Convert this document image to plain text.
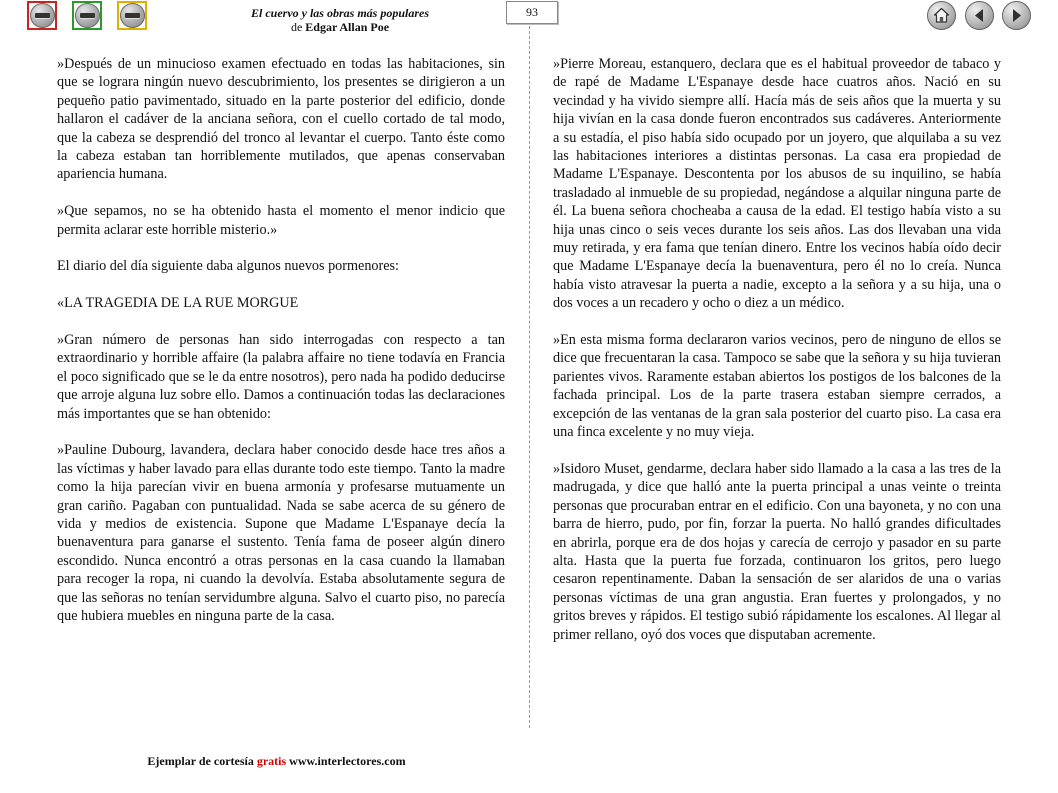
El cuervo y las obras más populares
de Edgar Allan Poe
93

»Después de un minucioso examen efectuado en todas las habitaciones, sin que se lograra ningún nuevo descubrimiento, los presentes se dirigieron a un pequeño patio pavimentado, situado en la parte posterior del edificio, donde hallaron el cadáver de la anciana señora, con el cuello cortado de tal modo, que la cabeza se desprendió del tronco al levantar el cuerpo. Tanto éste como la cabeza estaban tan horriblemente mutilados, que apenas conservaban apariencia humana.

»Que sepamos, no se ha obtenido hasta el momento el menor indicio que permita aclarar este horrible misterio.»

El diario del día siguiente daba algunos nuevos pormenores:

«LA TRAGEDIA DE LA RUE MORGUE

»Gran número de personas han sido interrogadas con respecto a tan extraordinario y horrible affaire (la palabra affaire no tiene todavía en Francia el poco significado que se le da entre nosotros), pero nada ha podido deducirse que arroje alguna luz sobre ello. Damos a continuación todas las declaraciones más importantes que se han obtenido:

»Pauline Dubourg, lavandera, declara haber conocido desde hace tres años a las víctimas y haber lavado para ellas durante todo este tiempo. Tanto la madre como la hija parecían vivir en buena armonía y profesarse mutuamente un gran cariño. Pagaban con puntualidad. Nada se sabe acerca de su género de vida y medios de existencia. Supone que Madame L'Espanaye decía la buenaventura para ganarse el sustento. Tenía fama de poseer algún dinero escondido. Nunca encontró a otras personas en la casa cuando la llamaban para recoger la ropa, ni cuando la devolvía. Estaba absolutamente segura de que las señoras no tenían servidumbre alguna. Salvo el cuarto piso, no parecía que hubiera muebles en ninguna parte de la casa.

»Pierre Moreau, estanquero, declara que es el habitual proveedor de tabaco y de rapé de Madame L'Espanaye desde hace cuatros años. Nació en su vecindad y ha vivido siempre allí. Hacía más de seis años que la muerta y su hija vivían en la casa donde fueron encontrados sus cadáveres. Anteriormente a su estadía, el piso había sido ocupado por un joyero, que alquilaba a su vez las habitaciones interiores a distintas personas. La casa era propiedad de Madame L'Espanaye. Descontenta por los abusos de su inquilino, se había trasladado al inmueble de su propiedad, negándose a alquilar ninguna parte de él. La buena señora chocheaba a causa de la edad. El testigo había visto a su hija unas cinco o seis veces durante los seis años. Las dos llevaban una vida muy retirada, y era fama que tenían dinero. Entre los vecinos había oído decir que Madame L'Espanaye decía la buenaventura, pero él no lo creía. Nunca había visto atravesar la puerta a nadie, excepto a la señora y a su hija, una o dos voces a un recadero y ocho o diez a un médico.

»En esta misma forma declararon varios vecinos, pero de ninguno de ellos se dice que frecuentaran la casa. Tampoco se sabe que la señora y su hija tuvieran parientes vivos. Raramente estaban abiertos los postigos de los balcones de la fachada principal. Los de la parte trasera estaban siempre cerrados, a excepción de las ventanas de la gran sala posterior del cuarto piso. La casa era una finca excelente y no muy vieja.

»Isidoro Muset, gendarme, declara haber sido llamado a la casa a las tres de la madrugada, y dice que halló ante la puerta principal a unas veinte o treinta personas que procuraban entrar en el edificio. Con una bayoneta, y no con una barra de hierro, pudo, por fin, forzar la puerta. No halló grandes dificultades en abrirla, porque era de dos hojas y carecía de cerrojo y pasador en su parte alta. Hasta que la puerta fue forzada, continuaron los gritos, pero luego cesaron repentinamente. Daban la sensación de ser alaridos de una o varias personas víctimas de una gran angustia. Eran fuertes y prolongados, y no gritos breves y rápidos. El testigo subió rápidamente los escalones. Al llegar al primer rellano, oyó dos voces que disputaban acremente.

Ejemplar de cortesía gratis www.interlectores.com
